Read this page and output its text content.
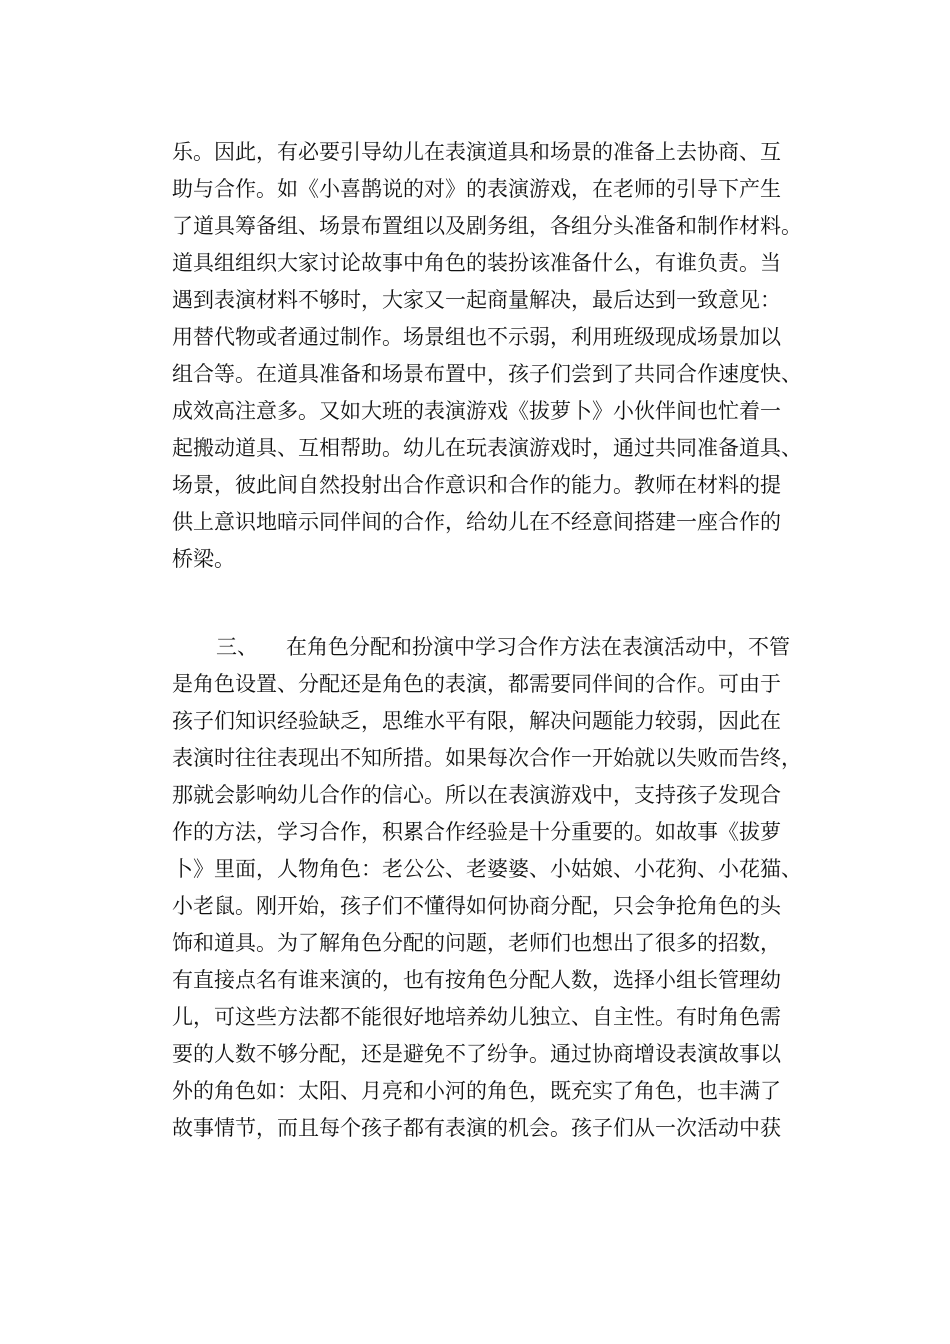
乐。因此，有必要引导幼儿在表演道具和场景的准备上去协商、互
助与合作。如《小喜鹊说的对》的表演游戏，在老师的引导下产生
了道具筹备组、场景布置组以及剧务组，各组分头准备和制作材料。
道具组组织大家讨论故事中角色的装扮该准备什么，有谁负责。当
遇到表演材料不够时，大家又一起商量解决，最后达到一致意见：
用替代物或者通过制作。场景组也不示弱，利用班级现成场景加以
组合等。在道具准备和场景布置中，孩子们尝到了共同合作速度快、
成效高注意多。又如大班的表演游戏《拔萝卜》小伙伴间也忙着一
起搬动道具、互相帮助。幼儿在玩表演游戏时，通过共同准备道具、
场景，彼此间自然投射出合作意识和合作的能力。教师在材料的提
供上意识地暗示同伴间的合作，给幼儿在不经意间搭建一座合作的
桥梁。
三、 在角色分配和扮演中学习合作方法在表演活动中，不管
是角色设置、分配还是角色的表演，都需要同伴间的合作。可由于
孩子们知识经验缺乏，思维水平有限，解决问题能力较弱，因此在
表演时往往表现出不知所措。如果每次合作一开始就以失败而告终，
那就会影响幼儿合作的信心。所以在表演游戏中，支持孩子发现合
作的方法，学习合作，积累合作经验是十分重要的。如故事《拔萝
卜》里面，人物角色：老公公、老婆婆、小姑娘、小花狗、小花猫、
小老鼠。刚开始，孩子们不懂得如何协商分配，只会争抢角色的头
饰和道具。为了解角色分配的问题，老师们也想出了很多的招数，
有直接点名有谁来演的，也有按角色分配人数，选择小组长管理幼
儿，可这些方法都不能很好地培养幼儿独立、自主性。有时角色需
要的人数不够分配，还是避免不了纷争。通过协商增设表演故事以
外的角色如：太阳、月亮和小河的角色，既充实了角色，也丰满了
故事情节，而且每个孩子都有表演的机会。孩子们从一次活动中获
